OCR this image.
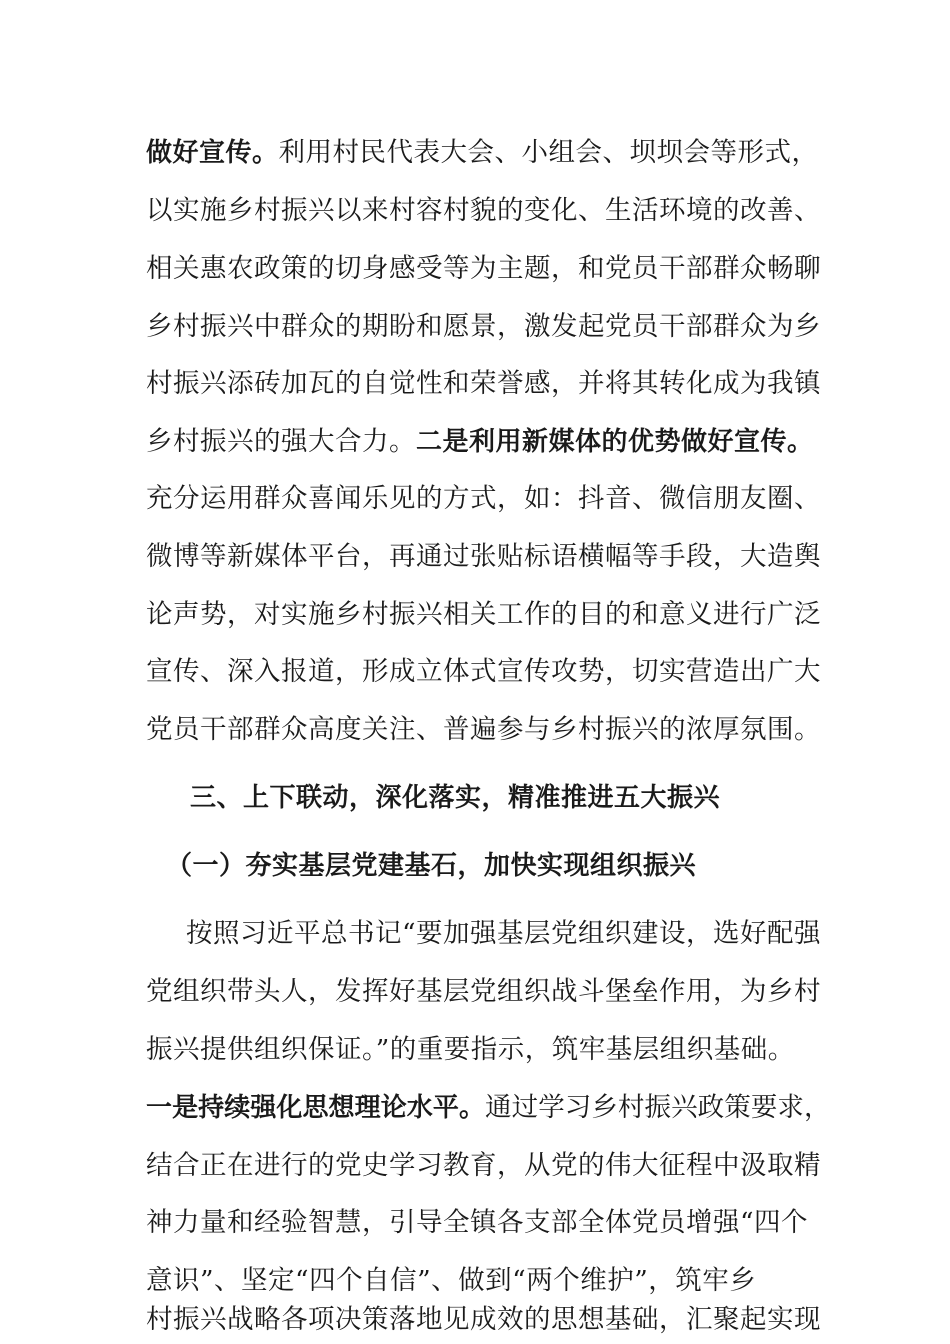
做好宣传。利用村民代表大会、小组会、坝坝会等形式，
以实施乡村振兴以来村容村貌的变化、生活环境的改善、
相关惠农政策的切身感受等为主题，和党员干部群众畅聊
乡村振兴中群众的期盼和愿景，激发起党员干部群众为乡
村振兴添砖加瓦的自觉性和荣誉感，并将其转化成为我镇
乡村振兴的强大合力。二是利用新媒体的优势做好宣传。
充分运用群众喜闻乐见的方式，如：抖音、微信朋友圈、
微博等新媒体平台，再通过张贴标语横幅等手段，大造舆
论声势，对实施乡村振兴相关工作的目的和意义进行广泛
宣传、深入报道，形成立体式宣传攻势，切实营造出广大
党员干部群众高度关注、普遍参与乡村振兴的浓厚氛围。
三、上下联动，深化落实，精准推进五大振兴
（一）夯实基层党建基石，加快实现组织振兴
按照习近平总书记“要加强基层党组织建设，选好配强
党组织带头人，发挥好基层党组织战斗堡垒作用，为乡村
振兴提供组织保证。”的重要指示，筑牢基层组织基础。
一是持续强化思想理论水平。通过学习乡村振兴政策要求，
结合正在进行的党史学习教育，从党的伟大征程中汲取精
神力量和经验智慧，引导全镇各支部全体党员增强“四个
意识”、坚定“四个自信”、做到“两个维护”，筑牢乡
村振兴战略各项决策落地见成效的思想基础，汇聚起实现
